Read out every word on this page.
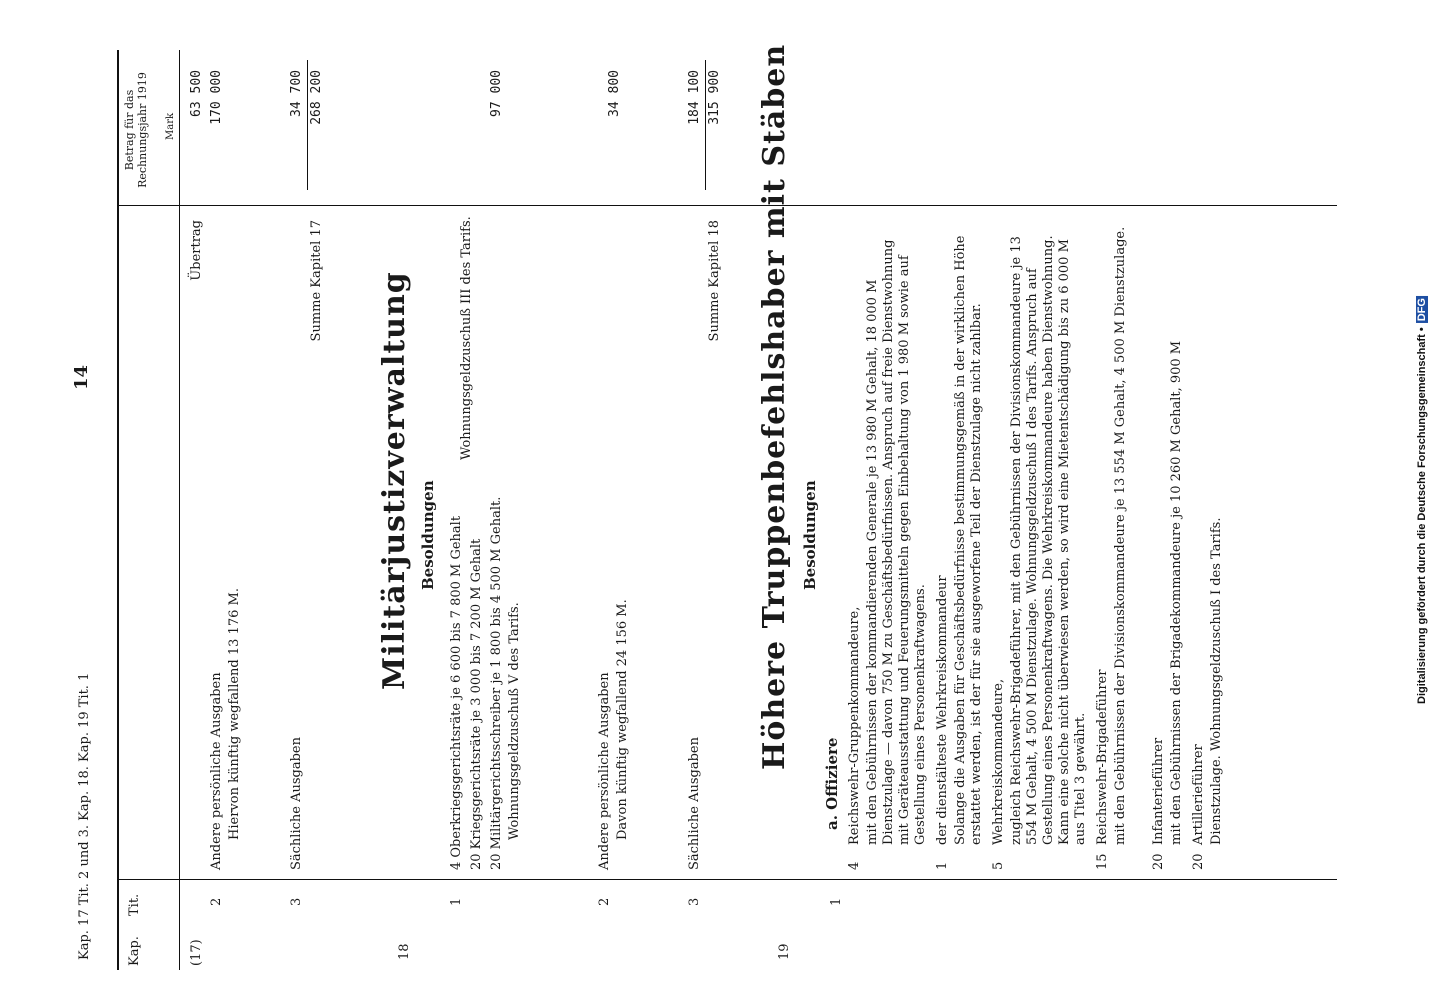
Kap. 17 Tit. 2 und 3. Kap. 18. Kap. 19 Tit. 1
14
Kap.
Tit.
Betrag für das Rechnungsjahr 1919 Mark
(17)
Übertrag
63 500
2
Andere persönliche Ausgaben
170 000
Hiervon künftig wegfallend 13 176 M.
3
Sächliche Ausgaben
34 700
Summe Kapitel 17
268 200
18
Militärjustizverwaltung Besoldungen
1
4 Oberkriegsgerichtsräte je 6 600 bis 7 800 M Gehalt 20 Kriegsgerichtsräte je 3 000 bis 7 200 M Gehalt 20 Militärgerichtsschreiber je 1 800 bis 4 500 M Gehalt. Wohnungsgeldzuschuß V des Tarifs.
Wohnungsgeldzuschuß III des Tarifs.
97 000
2
Andere persönliche Ausgaben Davon künftig wegfallend 24 156 M.
34 800
3
Sächliche Ausgaben
184 100
Summe Kapitel 18
315 900
19
Höhere Truppenbefehlshaber mit Stäben Besoldungen
1
a. Offiziere
4
Reichswehr-Gruppenkommandeure, mit den Gebührnissen der kommandierenden Generale je 13 980 M Gehalt, 18 000 M Dienstzulage — davon 750 M zu Geschäftsbedürfnissen. Anspruch auf freie Dienstwohnung mit Geräteausstattung und Feuerungsmitteln gegen Einbehaltung von 1 980 M sowie auf Gestellung eines Personenkraftwagens.
1
der dienstälteste Wehrkreiskommandeur Solange die Ausgaben für Geschäftsbedürfnisse bestimmungsgemäß in der wirklichen Höhe erstattet werden, ist der für sie ausgeworfene Teil der Dienstzulage nicht zahlbar.
5
Wehrkreiskommandeure, zugleich Reichswehr-Brigadeführer, mit den Gebührnissen der Divisionskommandeure je 13 554 M Gehalt, 4 500 M Dienstzulage. Wohnungsgeldzuschuß I des Tarifs. Anspruch auf Gestellung eines Personenkraftwagens. Die Wehrkreiskommandeure haben Dienstwohnung. Kann eine solche nicht überwiesen werden, so wird eine Mietentschädigung bis zu 6 000 M aus Titel 3 gewährt.
15
Reichswehr-Brigadeführer mit den Gebührnissen der Divisionskommandeure je 13 554 M Gehalt, 4 500 M Dienstzulage.
20
Infanterieführer mit den Gebührnissen der Brigadekommandeure je 10 260 M Gehalt, 900 M
20
Artillerieführer Dienstzulage. Wohnungsgeldzuschuß I des Tarifs.	Digitalisierung gefördert durch die Deutsche Forschungsgemeinschaft •DFG
